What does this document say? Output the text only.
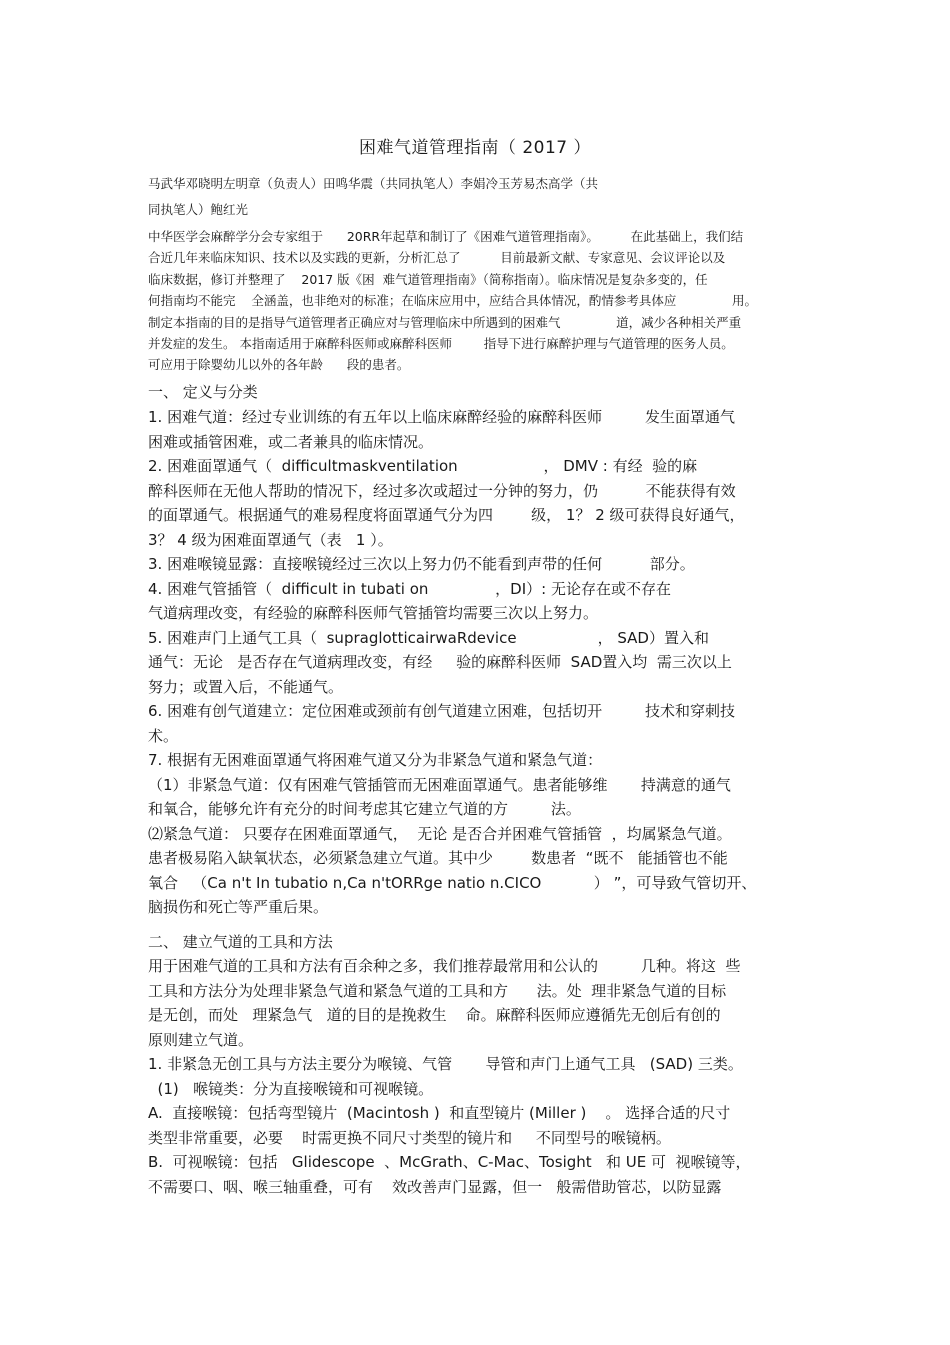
困难气道管理指南（ 2017 ）
马武华邓晓明左明章（负责人）田鸣华震（共同执笔人）李娟冷玉芳易杰高学（共
同执笔人）鲍红光
中华医学会麻醉学分会专家组于      20RR年起草和制订了《困难气道管理指南》。        在此基础上，我们结
合近几年来临床知识、技术以及实践的更新，分析汇总了          目前最新文献、专家意见、会议评论以及
临床数据，修订并整理了    2017 版《困  难气道管理指南》（简称指南）。临床情况是复杂多变的，任
何指南均不能完    全涵盖，也非绝对的标准；在临床应用中，应结合具体情况，酌情参考具体应              用。
制定本指南的目的是指导气道管理者正确应对与管理临床中所遇到的困难气              道，减少各种相关严重
并发症的发生。 本指南适用于麻醉科医师或麻醉科医师        指导下进行麻醉护理与气道管理的医务人员。
可应用于除婴幼儿以外的各年龄      段的患者。
一、 定义与分类
1. 困难气道：经过专业训练的有五年以上临床麻醉经验的麻醉科医师         发生面罩通气
困难或插管困难，或二者兼具的临床情况。
2. 困难面罩通气（  difficultmaskventilation                  ， DMV : 有经  验的麻
醉科医师在无他人帮助的情况下，经过多次或超过一分钟的努力，仍          不能获得有效
的面罩通气。根据通气的难易程度将面罩通气分为四        级， 1？ 2 级可获得良好通气，
3？ 4 级为困难面罩通气（表   1 ）。
3. 困难喉镜显露：直接喉镜经过三次以上努力仍不能看到声带的任何          部分。
4. 困难气管插管（  difficult in tubati on              ，DI）: 无论存在或不存在
气道病理改变，有经验的麻醉科医师气管插管均需要三次以上努力。
5. 困难声门上通气工具（  supraglotticairwaRdevice                 ， SAD）置入和
通气：无论   是否存在气道病理改变，有经     验的麻醉科医师  SAD置入均  需三次以上
努力；或置入后，不能通气。
6. 困难有创气道建立：定位困难或颈前有创气道建立困难，包括切开         技术和穿刺技
术。
7. 根据有无困难面罩通气将困难气道又分为非紧急气道和紧急气道：
（1）非紧急气道：仅有困难气管插管而无困难面罩通气。患者能够维       持满意的通气
和氧合，能够允许有充分的时间考虑其它建立气道的方         法。
⑵紧急气道： 只要存在困难面罩通气，  无论 是否合并困难气管插管  ，均属紧急气道。
患者极易陷入缺氧状态，必须紧急建立气道。其中少        数患者  “既不   能插管也不能
氧合   （Ca n't In tubatio n,Ca n'tORRge natio n.CICO           ） ”，可导致气管切开、
脑损伤和死亡等严重后果。
二、 建立气道的工具和方法
用于困难气道的工具和方法有百余种之多，我们推荐最常用和公认的         几种。将这  些
工具和方法分为处理非紧急气道和紧急气道的工具和方      法。处  理非紧急气道的目标
是无创，而处   理紧急气   道的目的是挽救生    命。麻醉科医师应遵循先无创后有创的
原则建立气道。
1. 非紧急无创工具与方法主要分为喉镜、气管       导管和声门上通气工具   (SAD) 三类。
(1)   喉镜类：分为直接喉镜和可视喉镜。
A.  直接喉镜：包括弯型镜片  (Macintosh )  和直型镜片 (Miller )    。 选择合适的尺寸
类型非常重要，必要    时需更换不同尺寸类型的镜片和     不同型号的喉镜柄。
B.  可视喉镜：包括   Glidescope  、McGrath、C-Mac、Tosight   和 UE 可  视喉镜等，
不需要口、咽、喉三轴重叠，可有    效改善声门显露，但一   般需借助管芯，以防显露
